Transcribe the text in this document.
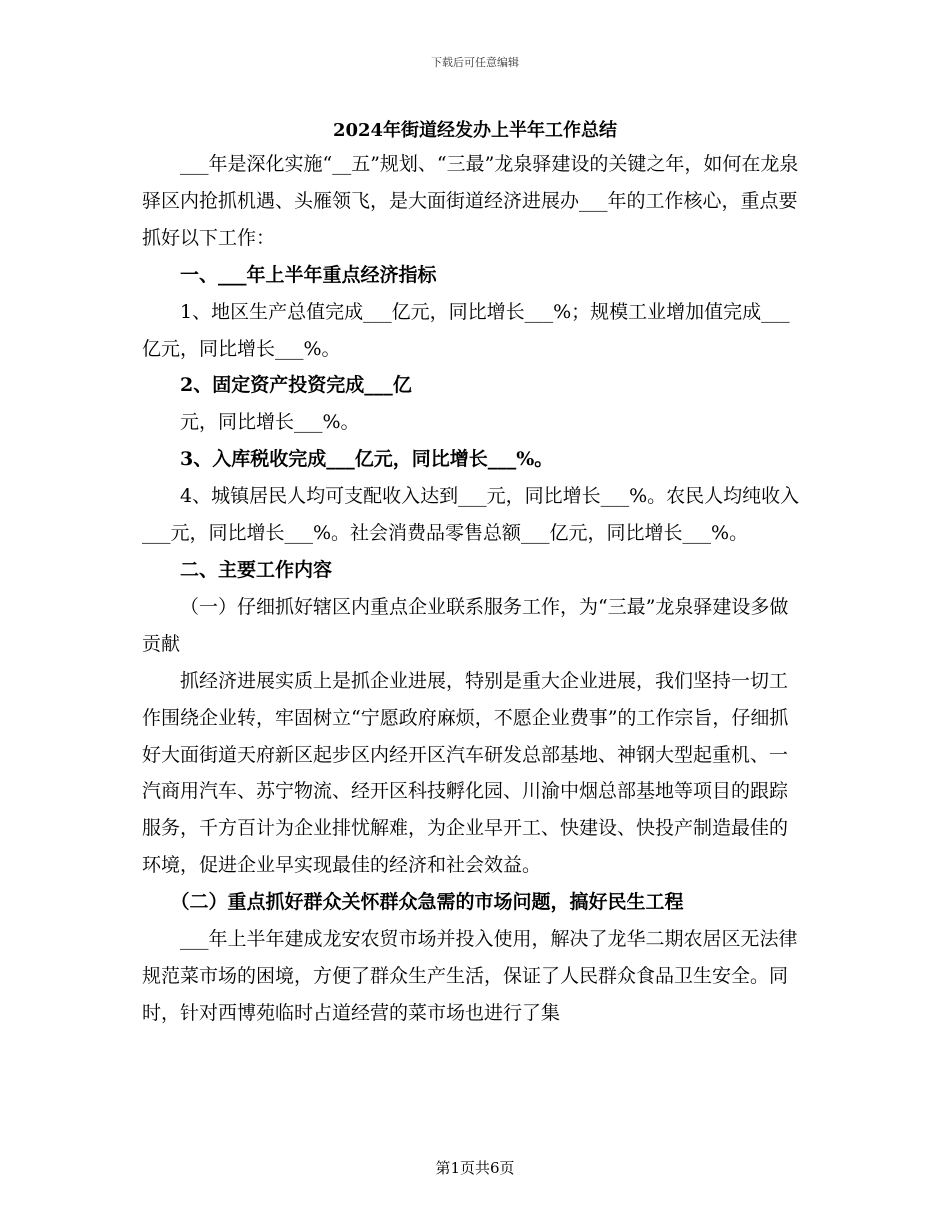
下载后可任意编辑
2024年街道经发办上半年工作总结

___年是深化实施“__五”规划、“三最”龙泉驿建设的关键之年，如何在龙泉驿区内抢抓机遇、头雁领飞，是大面街道经济进展办___年的工作核心，重点要抓好以下工作：

一、___年上半年重点经济指标

1、地区生产总值完成___亿元，同比增长___%；规模工业增加值完成___亿元，同比增长___%。

2、固定资产投资完成___亿

元，同比增长___%。

3、入库税收完成___亿元，同比增长___%。

4、城镇居民人均可支配收入达到___元，同比增长___%。农民人均纯收入___元，同比增长___%。社会消费品零售总额___亿元，同比增长___%。

二、主要工作内容

（一）仔细抓好辖区内重点企业联系服务工作，为“三最”龙泉驿建设多做贡献

抓经济进展实质上是抓企业进展，特别是重大企业进展，我们坚持一切工作围绕企业转，牢固树立“宁愿政府麻烦，不愿企业费事”的工作宗旨，仔细抓好大面街道天府新区起步区内经开区汽车研发总部基地、神钢大型起重机、一汽商用汽车、苏宁物流、经开区科技孵化园、川渝中烟总部基地等项目的跟踪服务，千方百计为企业排忧解难，为企业早开工、快建设、快投产制造最佳的环境，促进企业早实现最佳的经济和社会效益。

（二）重点抓好群众关怀群众急需的市场问题，搞好民生工程

___年上半年建成龙安农贸市场并投入使用，解决了龙华二期农居区无法律规范菜市场的困境，方便了群众生产生活，保证了人民群众食品卫生安全。同时，针对西博苑临时占道经营的菜市场也进行了集

第1页共6页
